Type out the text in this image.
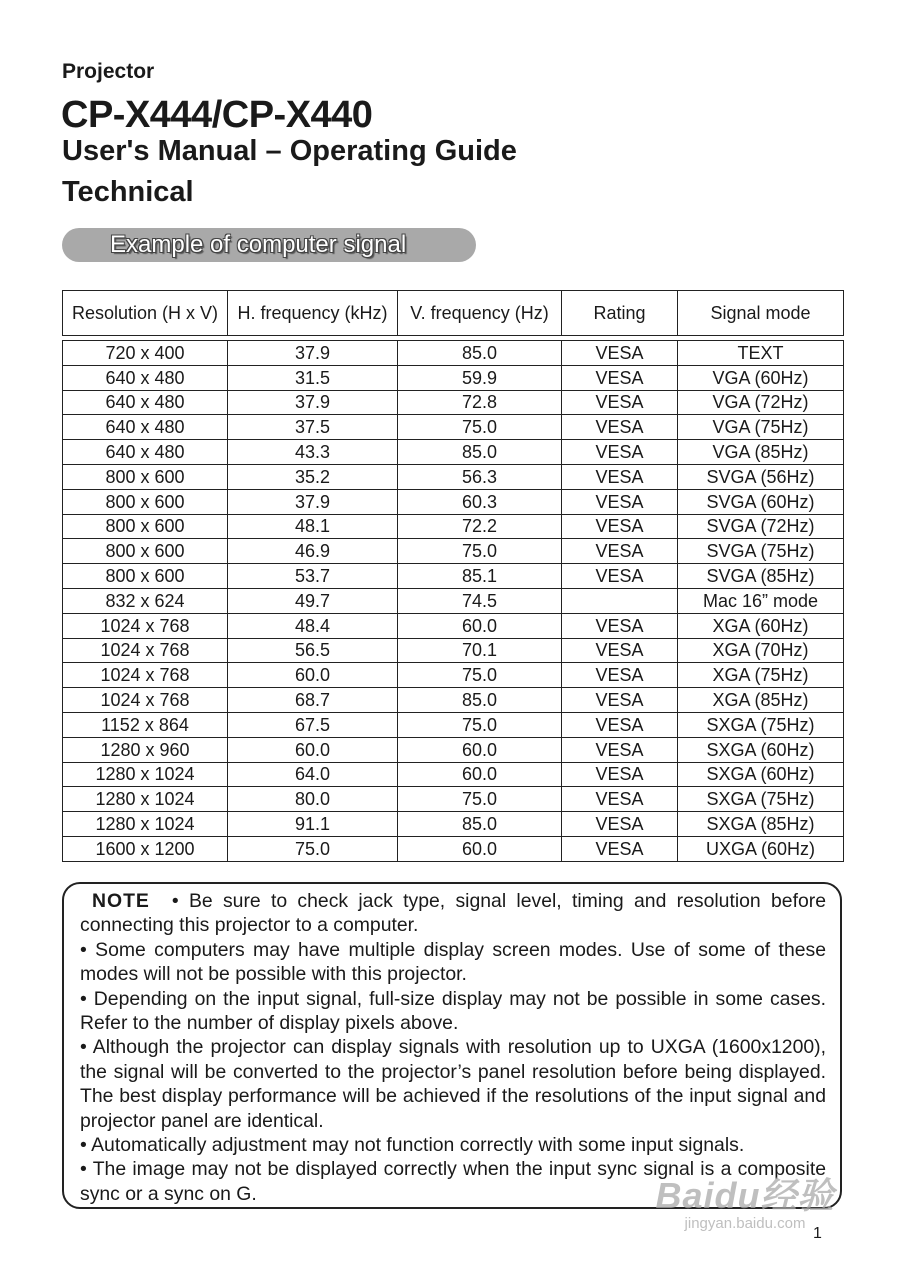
Projector
CP-X444/CP-X440
User's Manual – Operating Guide
Technical
Example of computer signal
Resolution (H x V)	H. frequency (kHz)	V. frequency (Hz)	Rating	Signal mode

720 x 400	37.9	85.0	VESA	TEXT
640 x 480	31.5	59.9	VESA	VGA (60Hz)
640 x 480	37.9	72.8	VESA	VGA (72Hz)
640 x 480	37.5	75.0	VESA	VGA (75Hz)
640 x 480	43.3	85.0	VESA	VGA (85Hz)
800 x 600	35.2	56.3	VESA	SVGA (56Hz)
800 x 600	37.9	60.3	VESA	SVGA (60Hz)
800 x 600	48.1	72.2	VESA	SVGA (72Hz)
800 x 600	46.9	75.0	VESA	SVGA (75Hz)
800 x 600	53.7	85.1	VESA	SVGA (85Hz)
832 x 624	49.7	74.5		Mac 16” mode
1024 x 768	48.4	60.0	VESA	XGA (60Hz)
1024 x 768	56.5	70.1	VESA	XGA (70Hz)
1024 x 768	60.0	75.0	VESA	XGA (75Hz)
1024 x 768	68.7	85.0	VESA	XGA (85Hz)
1152 x 864	67.5	75.0	VESA	SXGA (75Hz)
1280 x 960	60.0	60.0	VESA	SXGA (60Hz)
1280 x 1024	64.0	60.0	VESA	SXGA (60Hz)
1280 x 1024	80.0	75.0	VESA	SXGA (75Hz)
1280 x 1024	91.1	85.0	VESA	SXGA (85Hz)
1600 x 1200	75.0	60.0	VESA	UXGA (60Hz)

NOTE • Be sure to check jack type, signal level, timing and resolution before connecting this projector to a computer.

• Some computers may have multiple display screen modes. Use of some of these modes will not be possible with this projector.

• Depending on the input signal, full-size display may not be possible in some cases. Refer to the number of display pixels above.

• Although the projector can display signals with resolution up to UXGA (1600x1200), the signal will be converted to the projector’s panel resolution before being displayed. The best display performance will be achieved if the resolutions of the input signal and projector panel are identical.

• Automatically adjustment may not function correctly with some input signals.

• The image may not be displayed correctly when the input sync signal is a composite sync or a sync on G.	Baidu经验
jingyan.baidu.com
1
